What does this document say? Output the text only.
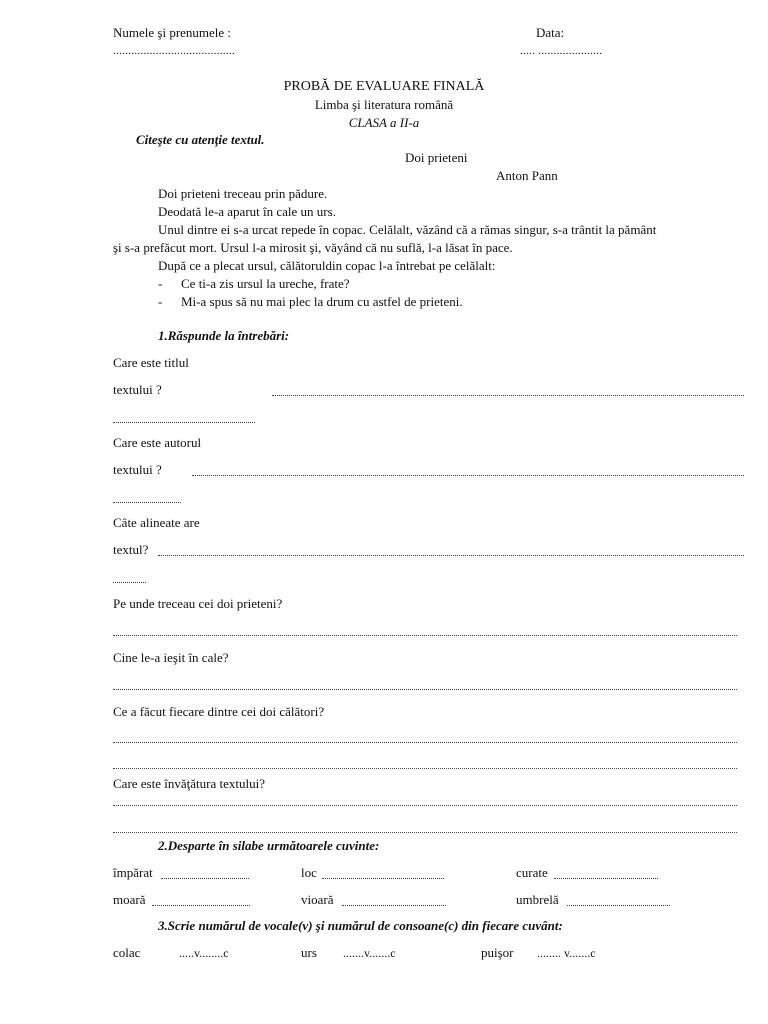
Numele şi prenumele :	Data:
........................................	..... .....................
PROBĂ DE EVALUARE FINALĂ
Limba şi literatura română
CLASA a II-a
Citeşte cu atenţie textul.
Doi prieteni
Anton Pann
Doi prieteni treceau prin pădure.
Deodată le-a aparut în cale un urs.
Unul dintre ei s-a urcat repede în copac. Celălalt, văzând că a rămas singur, s-a trântit la pământ
şi s-a prefăcut mort. Ursul l-a mirosit şi, văyând că nu suflă, l-a lăsat în pace.
După ce a plecat ursul, călătoruldin copac l-a întrebat pe celălalt:
- Ce ti-a zis ursul la ureche, frate?
- Mi-a spus să nu mai plec la drum cu astfel de prieteni.
1.Răspunde la întrebări:
Care este titlul
textului ?
Care este autorul
textului ?
Câte alineate are
textul?
Pe unde treceau cei doi prieteni?
Cine le-a ieşit în cale?
Ce a făcut fiecare dintre cei doi călători?
Care este învăţătura textului?
2.Desparte în silabe următoarele cuvinte:
împărat	loc	curate
moară	vioară	umbrelă
3.Scrie numărul de vocale(v) şi numărul de consoane(c) din fiecare cuvânt:
colac	.....v........c	urs .......v.......c	puişor ........ v.......c
